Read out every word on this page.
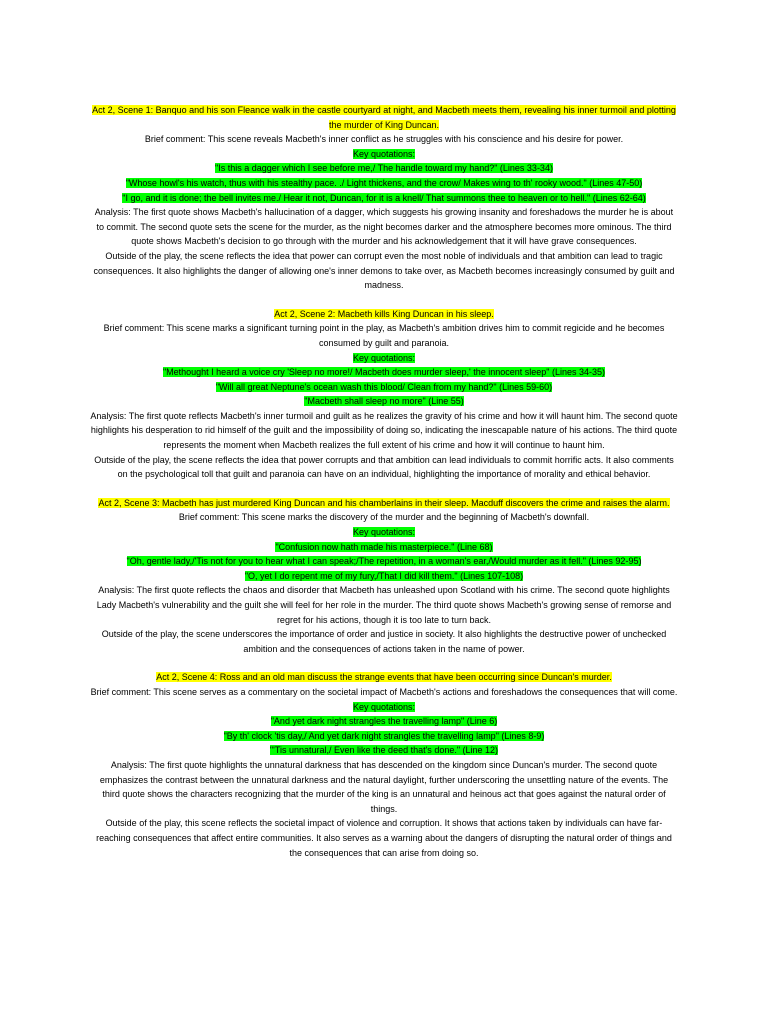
Act 2, Scene 1: Banquo and his son Fleance walk in the castle courtyard at night, and Macbeth meets them, revealing his inner turmoil and plotting the murder of King Duncan.
Brief comment: This scene reveals Macbeth's inner conflict as he struggles with his conscience and his desire for power.
Key quotations:
"Is this a dagger which I see before me,/ The handle toward my hand?" (Lines 33-34)
"Whose howl's his watch, thus with his stealthy pace. ./ Light thickens, and the crow/ Makes wing to th' rooky wood." (Lines 47-50)
"I go, and it is done; the bell invites me./ Hear it not, Duncan, for it is a knell/ That summons thee to heaven or to hell." (Lines 62-64)
Analysis: The first quote shows Macbeth's hallucination of a dagger, which suggests his growing insanity and foreshadows the murder he is about to commit. The second quote sets the scene for the murder, as the night becomes darker and the atmosphere becomes more ominous. The third quote shows Macbeth's decision to go through with the murder and his acknowledgement that it will have grave consequences.
Outside of the play, the scene reflects the idea that power can corrupt even the most noble of individuals and that ambition can lead to tragic consequences. It also highlights the danger of allowing one's inner demons to take over, as Macbeth becomes increasingly consumed by guilt and madness.
Act 2, Scene 2: Macbeth kills King Duncan in his sleep.
Brief comment: This scene marks a significant turning point in the play, as Macbeth's ambition drives him to commit regicide and he becomes consumed by guilt and paranoia.
Key quotations:
"Methought I heard a voice cry 'Sleep no more!/ Macbeth does murder sleep,' the innocent sleep" (Lines 34-35)
"Will all great Neptune's ocean wash this blood/ Clean from my hand?" (Lines 59-60)
"Macbeth shall sleep no more" (Line 55)
Analysis: The first quote reflects Macbeth's inner turmoil and guilt as he realizes the gravity of his crime and how it will haunt him. The second quote highlights his desperation to rid himself of the guilt and the impossibility of doing so, indicating the inescapable nature of his actions. The third quote represents the moment when Macbeth realizes the full extent of his crime and how it will continue to haunt him.
Outside of the play, the scene reflects the idea that power corrupts and that ambition can lead individuals to commit horrific acts. It also comments on the psychological toll that guilt and paranoia can have on an individual, highlighting the importance of morality and ethical behavior.
Act 2, Scene 3: Macbeth has just murdered King Duncan and his chamberlains in their sleep. Macduff discovers the crime and raises the alarm.
Brief comment: This scene marks the discovery of the murder and the beginning of Macbeth's downfall.
Key quotations:
"Confusion now hath made his masterpiece." (Line 68)
"Oh, gentle lady,/'Tis not for you to hear what I can speak;/The repetition, in a woman's ear,/Would murder as it fell." (Lines 92-95)
"O, yet I do repent me of my fury,/That I did kill them." (Lines 107-108)
Analysis: The first quote reflects the chaos and disorder that Macbeth has unleashed upon Scotland with his crime. The second quote highlights Lady Macbeth's vulnerability and the guilt she will feel for her role in the murder. The third quote shows Macbeth's growing sense of remorse and regret for his actions, though it is too late to turn back.
Outside of the play, the scene underscores the importance of order and justice in society. It also highlights the destructive power of unchecked ambition and the consequences of actions taken in the name of power.
Act 2, Scene 4: Ross and an old man discuss the strange events that have been occurring since Duncan's murder.
Brief comment: This scene serves as a commentary on the societal impact of Macbeth's actions and foreshadows the consequences that will come.
Key quotations:
"And yet dark night strangles the travelling lamp" (Line 6)
"By th' clock 'tis day,/ And yet dark night strangles the travelling lamp" (Lines 8-9)
"'Tis unnatural,/ Even like the deed that's done." (Line 12)
Analysis: The first quote highlights the unnatural darkness that has descended on the kingdom since Duncan's murder. The second quote emphasizes the contrast between the unnatural darkness and the natural daylight, further underscoring the unsettling nature of the events. The third quote shows the characters recognizing that the murder of the king is an unnatural and heinous act that goes against the natural order of things.
Outside of the play, this scene reflects the societal impact of violence and corruption. It shows that actions taken by individuals can have far-reaching consequences that affect entire communities. It also serves as a warning about the dangers of disrupting the natural order of things and the consequences that can arise from doing so.
